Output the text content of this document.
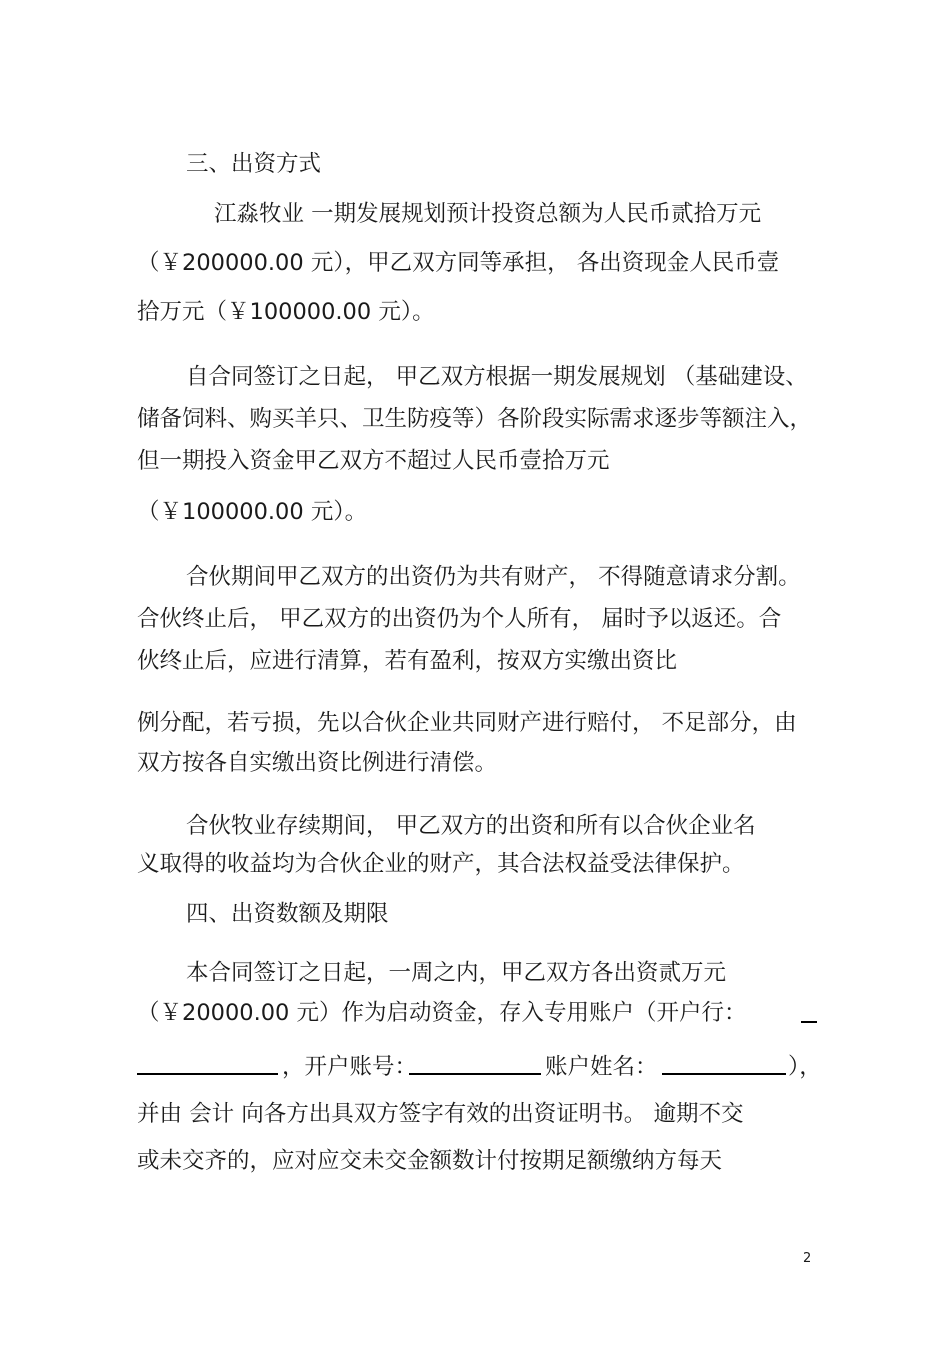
三、出资方式
江淼牧业 一期发展规划预计投资总额为人民币贰拾万元
（￥200000.00 元），甲乙双方同等承担， 各出资现金人民币壹
拾万元（￥100000.00 元）。
自合同签订之日起， 甲乙双方根据一期发展规划 （基础建设、
储备饲料、购买羊只、卫生防疫等）各阶段实际需求逐步等额注入，
但一期投入资金甲乙双方不超过人民币壹拾万元
（￥100000.00 元）。
合伙期间甲乙双方的出资仍为共有财产， 不得随意请求分割。
合伙终止后， 甲乙双方的出资仍为个人所有， 届时予以返还。合
伙终止后，应进行清算，若有盈利，按双方实缴出资比
例分配，若亏损，先以合伙企业共同财产进行赔付， 不足部分，由
双方按各自实缴出资比例进行清偿。
合伙牧业存续期间， 甲乙双方的出资和所有以合伙企业名
义取得的收益均为合伙企业的财产，其合法权益受法律保护。
四、出资数额及期限
本合同签订之日起，一周之内，甲乙双方各出资贰万元
（￥20000.00 元）作为启动资金，存入专用账户（开户行：
，开户账号：	账户姓名：	），
并由 会计 向各方出具双方签字有效的出资证明书。 逾期不交
或未交齐的，应对应交未交金额数计付按期足额缴纳方每天
2
